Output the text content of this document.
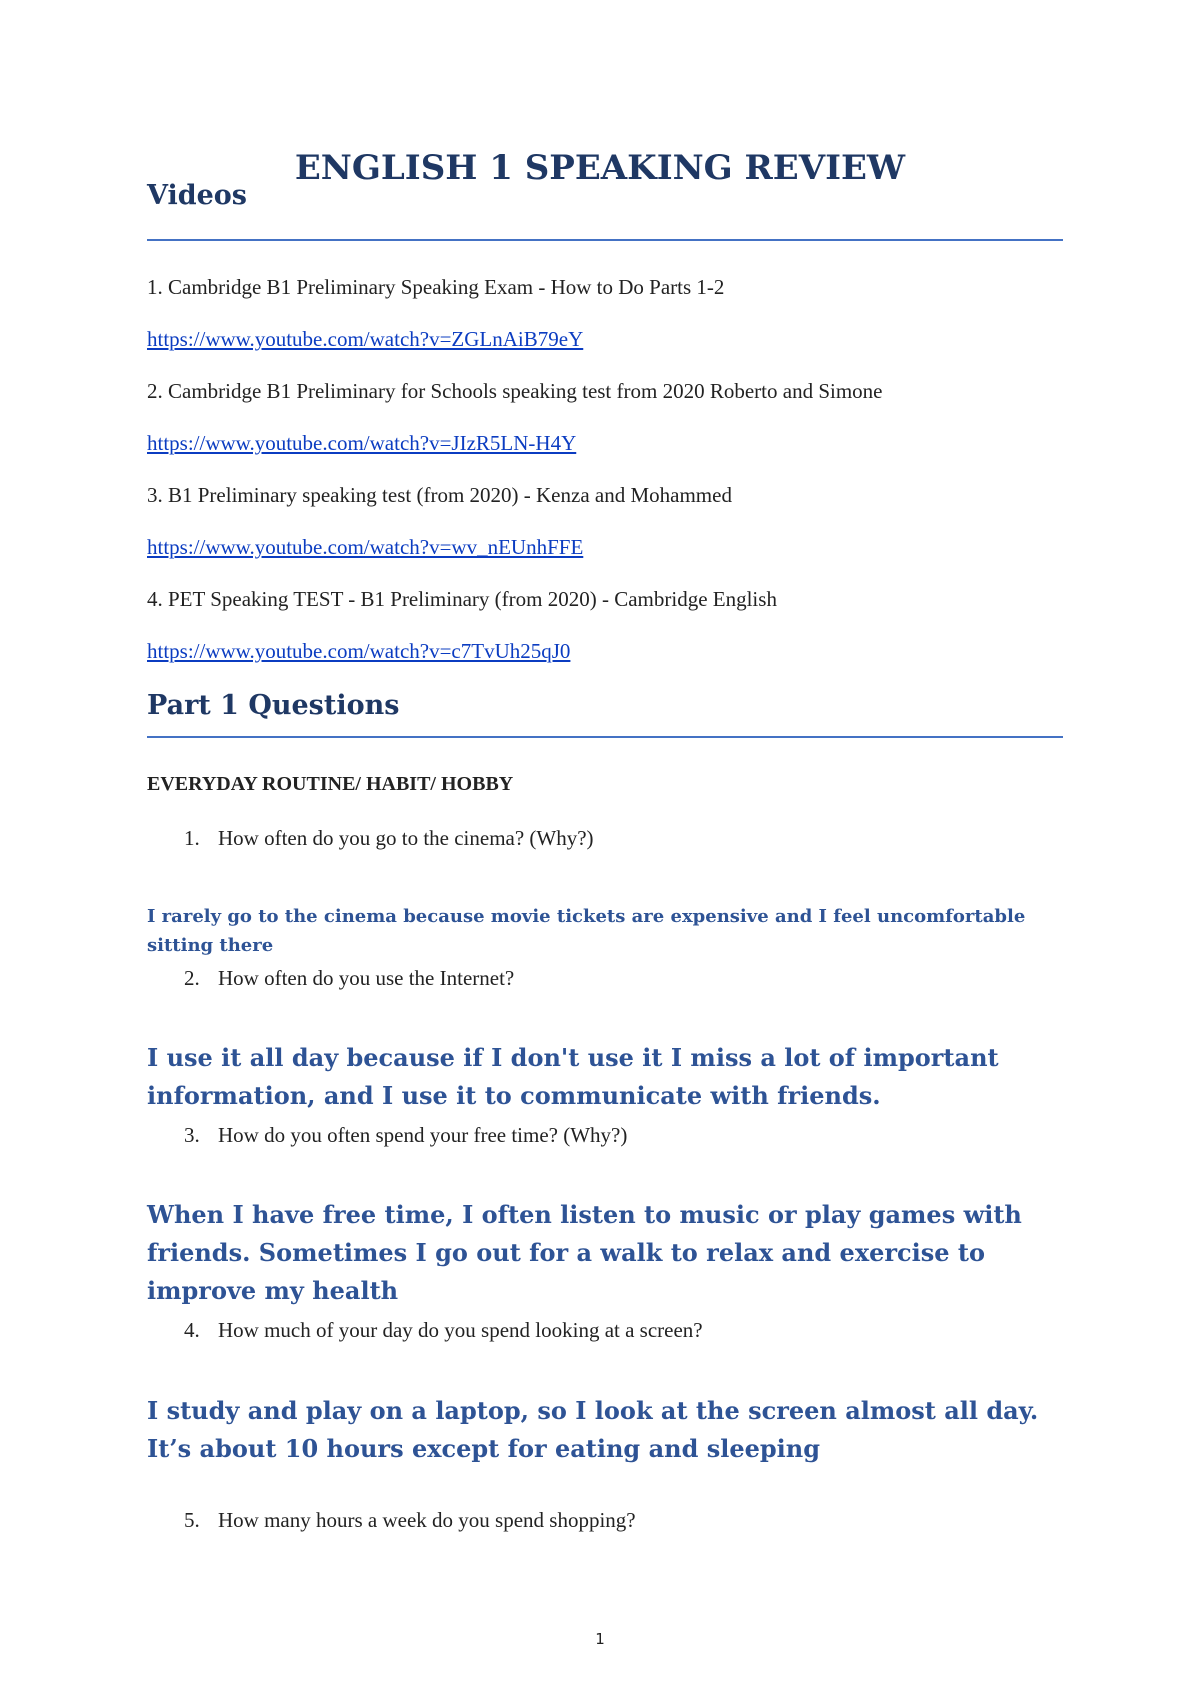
ENGLISH 1 SPEAKING REVIEW
Videos
1. Cambridge B1 Preliminary Speaking Exam - How to Do Parts 1-2
https://www.youtube.com/watch?v=ZGLnAiB79eY
2. Cambridge B1 Preliminary for Schools speaking test from 2020 Roberto and Simone
https://www.youtube.com/watch?v=JIzR5LN-H4Y
3. B1 Preliminary speaking test (from 2020) - Kenza and Mohammed
https://www.youtube.com/watch?v=wv_nEUnhFFE
4. PET Speaking TEST - B1 Preliminary (from 2020) - Cambridge English
https://www.youtube.com/watch?v=c7TvUh25qJ0
Part 1 Questions
EVERYDAY ROUTINE/ HABIT/ HOBBY
1. How often do you go to the cinema? (Why?)
I rarely go to the cinema because movie tickets are expensive and I feel uncomfortable sitting there
2. How often do you use the Internet?
I use it all day because if I don't use it I miss a lot of important information, and I use it to communicate with friends.
3. How do you often spend your free time? (Why?)
When I have free time, I often listen to music or play games with friends. Sometimes I go out for a walk to relax and exercise to improve my health
4. How much of your day do you spend looking at a screen?
I study and play on a laptop, so I look at the screen almost all day. It’s about 10 hours except for eating and sleeping
5. How many hours a week do you spend shopping?
1
